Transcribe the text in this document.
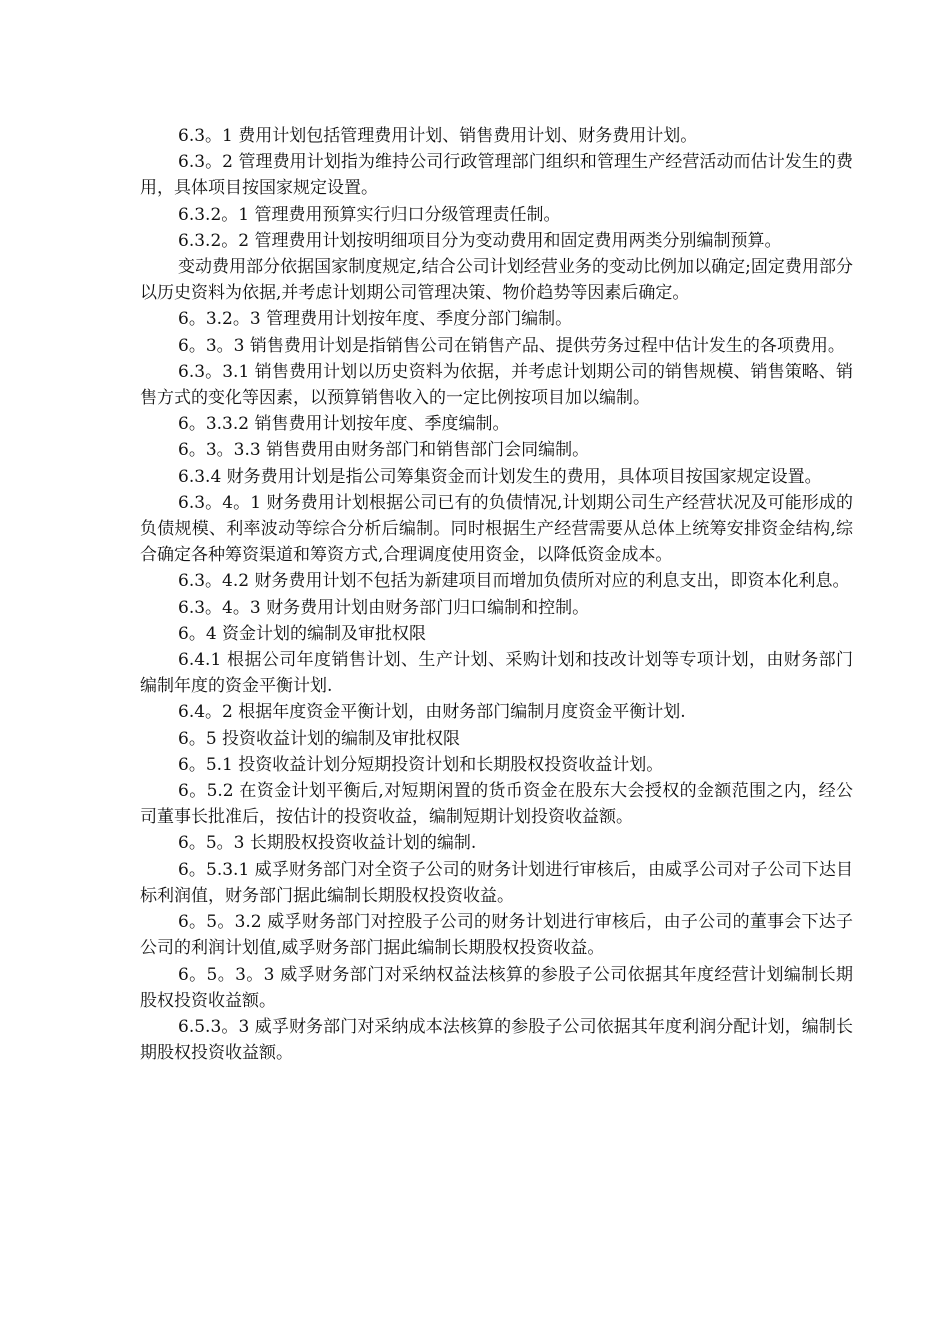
6.3。1 费用计划包括管理费用计划、销售费用计划、财务费用计划。

6.3。2 管理费用计划指为维持公司行政管理部门组织和管理生产经营活动而估计发生的费用，具体项目按国家规定设置。

6.3.2。1 管理费用预算实行归口分级管理责任制。

6.3.2。2 管理费用计划按明细项目分为变动费用和固定费用两类分别编制预算。

变动费用部分依据国家制度规定,结合公司计划经营业务的变动比例加以确定;固定费用部分以历史资料为依据,并考虑计划期公司管理决策、物价趋势等因素后确定。

6。3.2。3 管理费用计划按年度、季度分部门编制。

6。3。3 销售费用计划是指销售公司在销售产品、提供劳务过程中估计发生的各项费用。

6.3。3.1 销售费用计划以历史资料为依据，并考虑计划期公司的销售规模、销售策略、销售方式的变化等因素，以预算销售收入的一定比例按项目加以编制。

6。3.3.2 销售费用计划按年度、季度编制。

6。3。3.3 销售费用由财务部门和销售部门会同编制。

6.3.4 财务费用计划是指公司筹集资金而计划发生的费用，具体项目按国家规定设置。

6.3。4。1 财务费用计划根据公司已有的负债情况,计划期公司生产经营状况及可能形成的负债规模、利率波动等综合分析后编制。同时根据生产经营需要从总体上统筹安排资金结构,综合确定各种筹资渠道和筹资方式,合理调度使用资金，以降低资金成本。

6.3。4.2 财务费用计划不包括为新建项目而增加负债所对应的利息支出，即资本化利息。

6.3。4。3 财务费用计划由财务部门归口编制和控制。

6。4 资金计划的编制及审批权限

6.4.1 根据公司年度销售计划、生产计划、采购计划和技改计划等专项计划，由财务部门编制年度的资金平衡计划.

6.4。2 根据年度资金平衡计划，由财务部门编制月度资金平衡计划.

6。5 投资收益计划的编制及审批权限

6。5.1 投资收益计划分短期投资计划和长期股权投资收益计划。

6。5.2 在资金计划平衡后,对短期闲置的货币资金在股东大会授权的金额范围之内，经公司董事长批准后，按估计的投资收益，编制短期计划投资收益额。

6。5。3 长期股权投资收益计划的编制.

6。5.3.1 威孚财务部门对全资子公司的财务计划进行审核后，由威孚公司对子公司下达目标利润值，财务部门据此编制长期股权投资收益。

6。5。3.2 威孚财务部门对控股子公司的财务计划进行审核后，由子公司的董事会下达子公司的利润计划值,威孚财务部门据此编制长期股权投资收益。

6。5。3。3 威孚财务部门对采纳权益法核算的参股子公司依据其年度经营计划编制长期股权投资收益额。

6.5.3。3 威孚财务部门对采纳成本法核算的参股子公司依据其年度利润分配计划，编制长期股权投资收益额。
